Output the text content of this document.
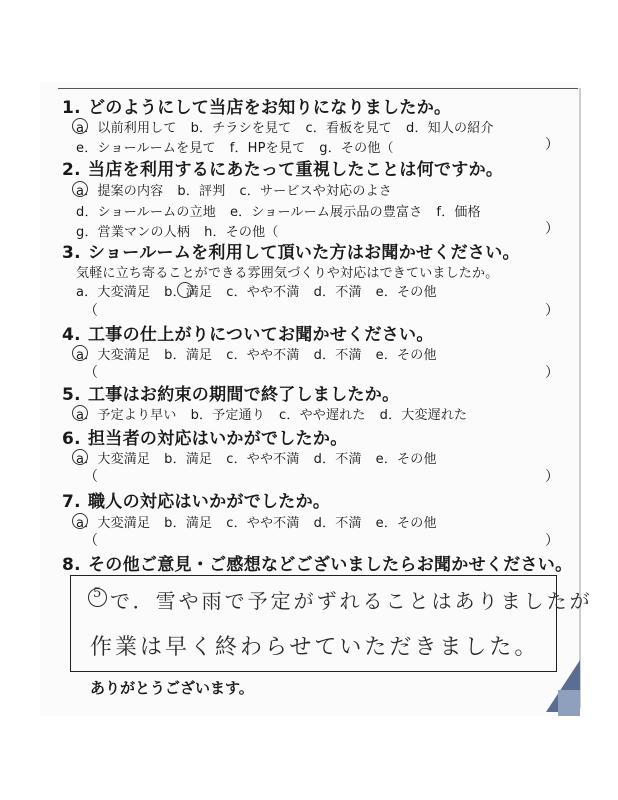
1. どのようにして当店をお知りになりましたか。
a．以前利用して b．チラシを見て c．看板を見て d．知人の紹介
e．ショールームを見て f．HPを見て g．その他（	）
2. 当店を利用するにあたって重視したことは何ですか。
a．提案の内容 b．評判 c．サービスや対応のよさ
d．ショールームの立地 e．ショールーム展示品の豊富さ f．価格
g．営業マンの人柄 h．その他（	）
3. ショールームを利用して頂いた方はお聞かせください。
気軽に立ち寄ることができる雰囲気づくりや対応はできていましたか。
a．大変満足 b．満足 c．やや不満 d．不満 e．その他
（	）
4. 工事の仕上がりについてお聞かせください。
a．大変満足 b．満足 c．やや不満 d．不満 e．その他
（	）
5. 工事はお約束の期間で終了しましたか。
a．予定より早い b．予定通り c．やや遅れた d．大変遅れた
6. 担当者の対応はいかがでしたか。
a．大変満足 b．満足 c．やや不満 d．不満 e．その他
（	）
7. 職人の対応はいかがでしたか。
a．大変満足 b．満足 c．やや不満 d．不満 e．その他
（	）
8. その他ご意見・ご感想などございましたらお聞かせください。
5 で．雪や雨で予定がずれることはありましたが
作業は早く終わらせていただきました。
ありがとうございます。
